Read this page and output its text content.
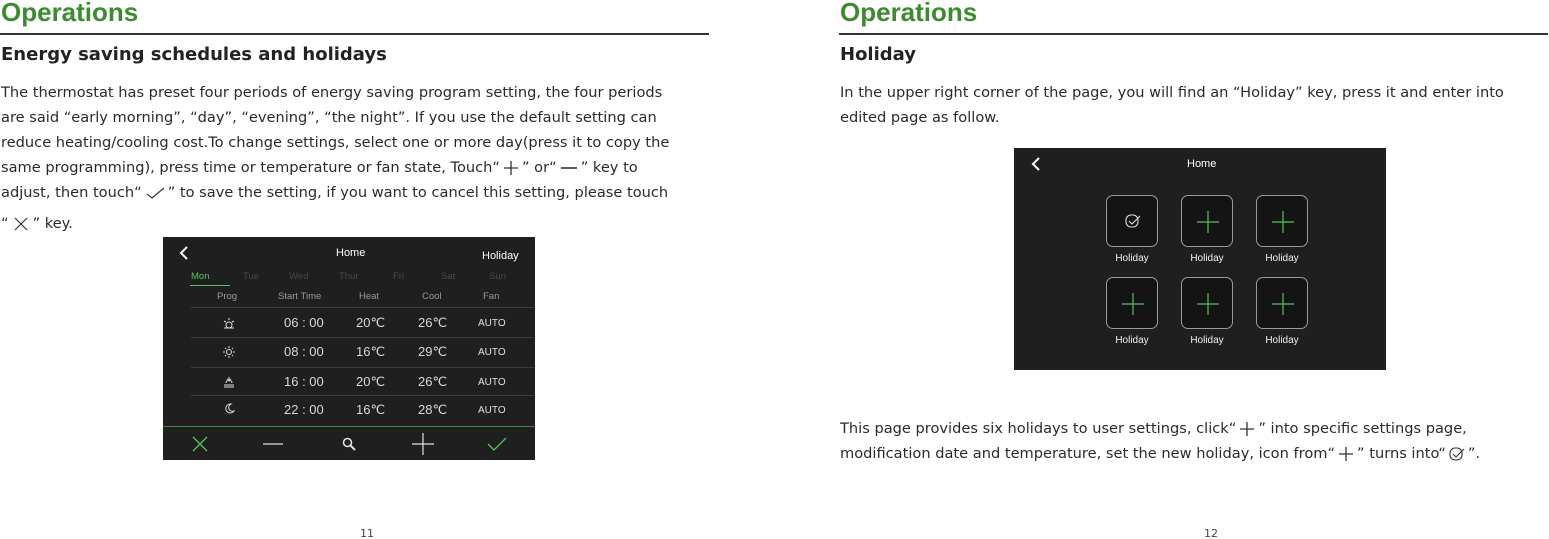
Operations
Energy saving schedules and holidays
The thermostat has preset four periods of energy saving program setting, the four periods
are said “early morning”, “day”, “evening”, “the night”. If you use the default setting can
reduce heating/cooling cost.To change settings, select one or more day(press it to copy the
same programming), press time or temperature or fan state, Touch“ ” or“ ” key to
adjust, then touch“ ” to save the setting, if you want to cancel this setting, please touch
“ ” key.
Home	Holiday
Mon	Tue	Wed	Thur	Fri	Sat	Sun
Prog	Start Time	Heat	Cool	Fan
06 : 00 20℃	26℃	AUTO
08 : 00 16℃	29℃	AUTO
16 : 00 20℃	26℃	AUTO
22 : 00 16℃	28℃	AUTO
11
Operations
Holiday
In the upper right corner of the page, you will find an “Holiday” key, press it and enter into
edited page as follow.
This page provides six holidays to user settings, click“ ” into specific settings page,
modification date and temperature, set the new holiday, icon from“ ” turns into“ ”.
12
Home
Holiday	Holiday	Holiday
Holiday	Holiday	Holiday
